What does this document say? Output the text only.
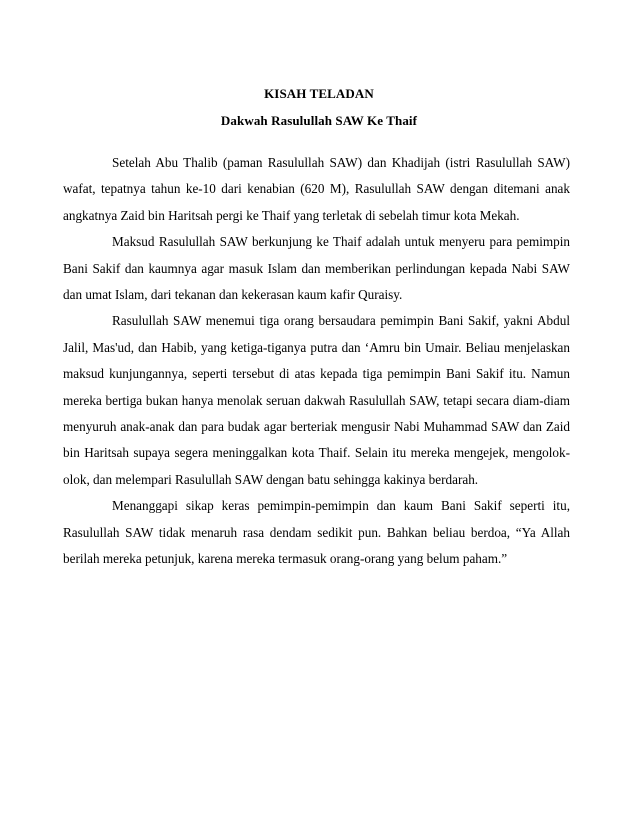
KISAH TELADAN
Dakwah Rasulullah SAW Ke Thaif

Setelah Abu Thalib (paman Rasulullah SAW) dan Khadijah (istri Rasulullah SAW) wafat, tepatnya tahun ke-10 dari kenabian (620 M), Rasulullah SAW dengan ditemani anak angkatnya Zaid bin Haritsah pergi ke Thaif yang terletak di sebelah timur kota Mekah.

Maksud Rasulullah SAW berkunjung ke Thaif adalah untuk menyeru para pemimpin Bani Sakif dan kaumnya agar masuk Islam dan memberikan perlindungan kepada Nabi SAW dan umat Islam, dari tekanan dan kekerasan kaum kafir Quraisy.

Rasulullah SAW menemui tiga orang bersaudara pemimpin Bani Sakif, yakni Abdul Jalil, Mas'ud, dan Habib, yang ketiga-tiganya putra dan ‘Amru bin Umair. Beliau menjelaskan maksud kunjungannya, seperti tersebut di atas kepada tiga pemimpin Bani Sakif itu. Namun mereka bertiga bukan hanya menolak seruan dakwah Rasulullah SAW, tetapi secara diam-diam menyuruh anak-anak dan para budak agar berteriak mengusir Nabi Muhammad SAW dan Zaid bin Haritsah supaya segera meninggalkan kota Thaif. Selain itu mereka mengejek, mengolok-olok, dan melempari Rasulullah SAW dengan batu sehingga kakinya berdarah.

Menanggapi sikap keras pemimpin-pemimpin dan kaum Bani Sakif seperti itu, Rasulullah SAW tidak menaruh rasa dendam sedikit pun. Bahkan beliau berdoa, “Ya Allah berilah mereka petunjuk, karena mereka termasuk orang-orang yang belum paham.”
